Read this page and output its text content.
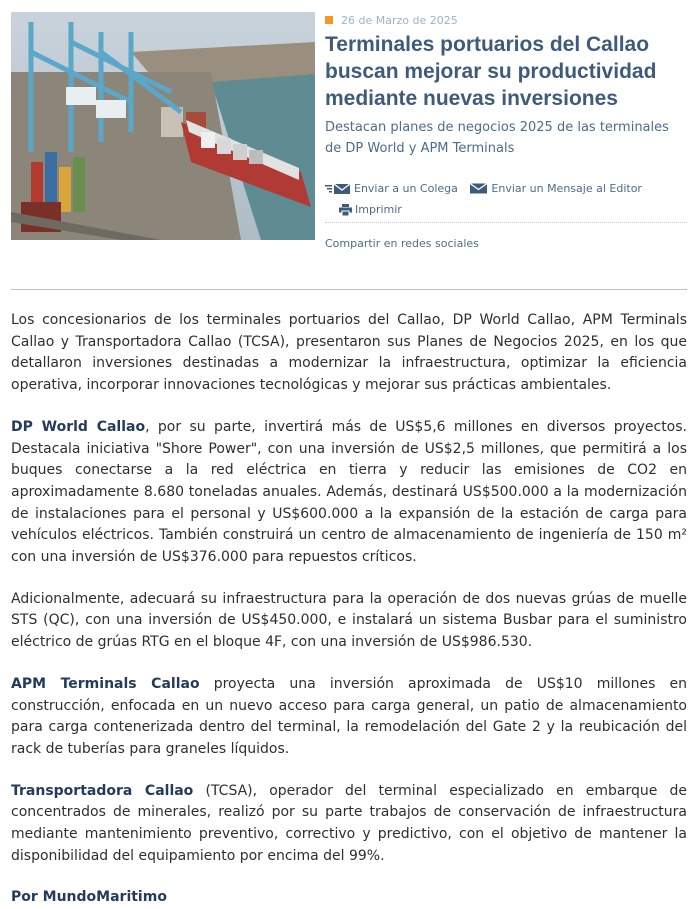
26 de Marzo de 2025
Terminales portuarios del Callao buscan mejorar su productividad mediante nuevas inversiones
Destacan planes de negocios 2025 de las terminales de DP World y APM Terminals
Enviar a un Colega
	Enviar un Mensaje al Editor
Imprimir
Compartir en redes sociales

Los concesionarios de los terminales portuarios del Callao, DP World Callao, APM Terminals Callao y Transportadora Callao (TCSA), presentaron sus Planes de Negocios 2025, en los que detallaron inversiones destinadas a modernizar la infraestructura, optimizar la eficiencia operativa, incorporar innovaciones tecnológicas y mejorar sus prácticas ambientales.

DP World Callao, por su parte, invertirá más de US$5,6 millones en diversos proyectos. Destacala iniciativa "Shore Power", con una inversión de US$2,5 millones, que permitirá a los buques conectarse a la red eléctrica en tierra y reducir las emisiones de CO2 en aproximadamente 8.680 toneladas anuales. Además, destinará US$500.000 a la modernización de instalaciones para el personal y US$600.000 a la expansión de la estación de carga para vehículos eléctricos. También construirá un centro de almacenamiento de ingeniería de 150 m² con una inversión de US$376.000 para repuestos críticos.

Adicionalmente, adecuará su infraestructura para la operación de dos nuevas grúas de muelle STS (QC), con una inversión de US$450.000, e instalará un sistema Busbar para el suministro eléctrico de grúas RTG en el bloque 4F, con una inversión de US$986.530.

APM Terminals Callao proyecta una inversión aproximada de US$10 millones en construcción, enfocada en un nuevo acceso para carga general, un patio de almacenamiento para carga contenerizada dentro del terminal, la remodelación del Gate 2 y la reubicación del rack de tuberías para graneles líquidos.

Transportadora Callao (TCSA), operador del terminal especializado en embarque de concentrados de minerales, realizó por su parte trabajos de conservación de infraestructura mediante mantenimiento preventivo, correctivo y predictivo, con el objetivo de mantener la disponibilidad del equipamiento por encima del 99%.

Por MundoMaritimo
